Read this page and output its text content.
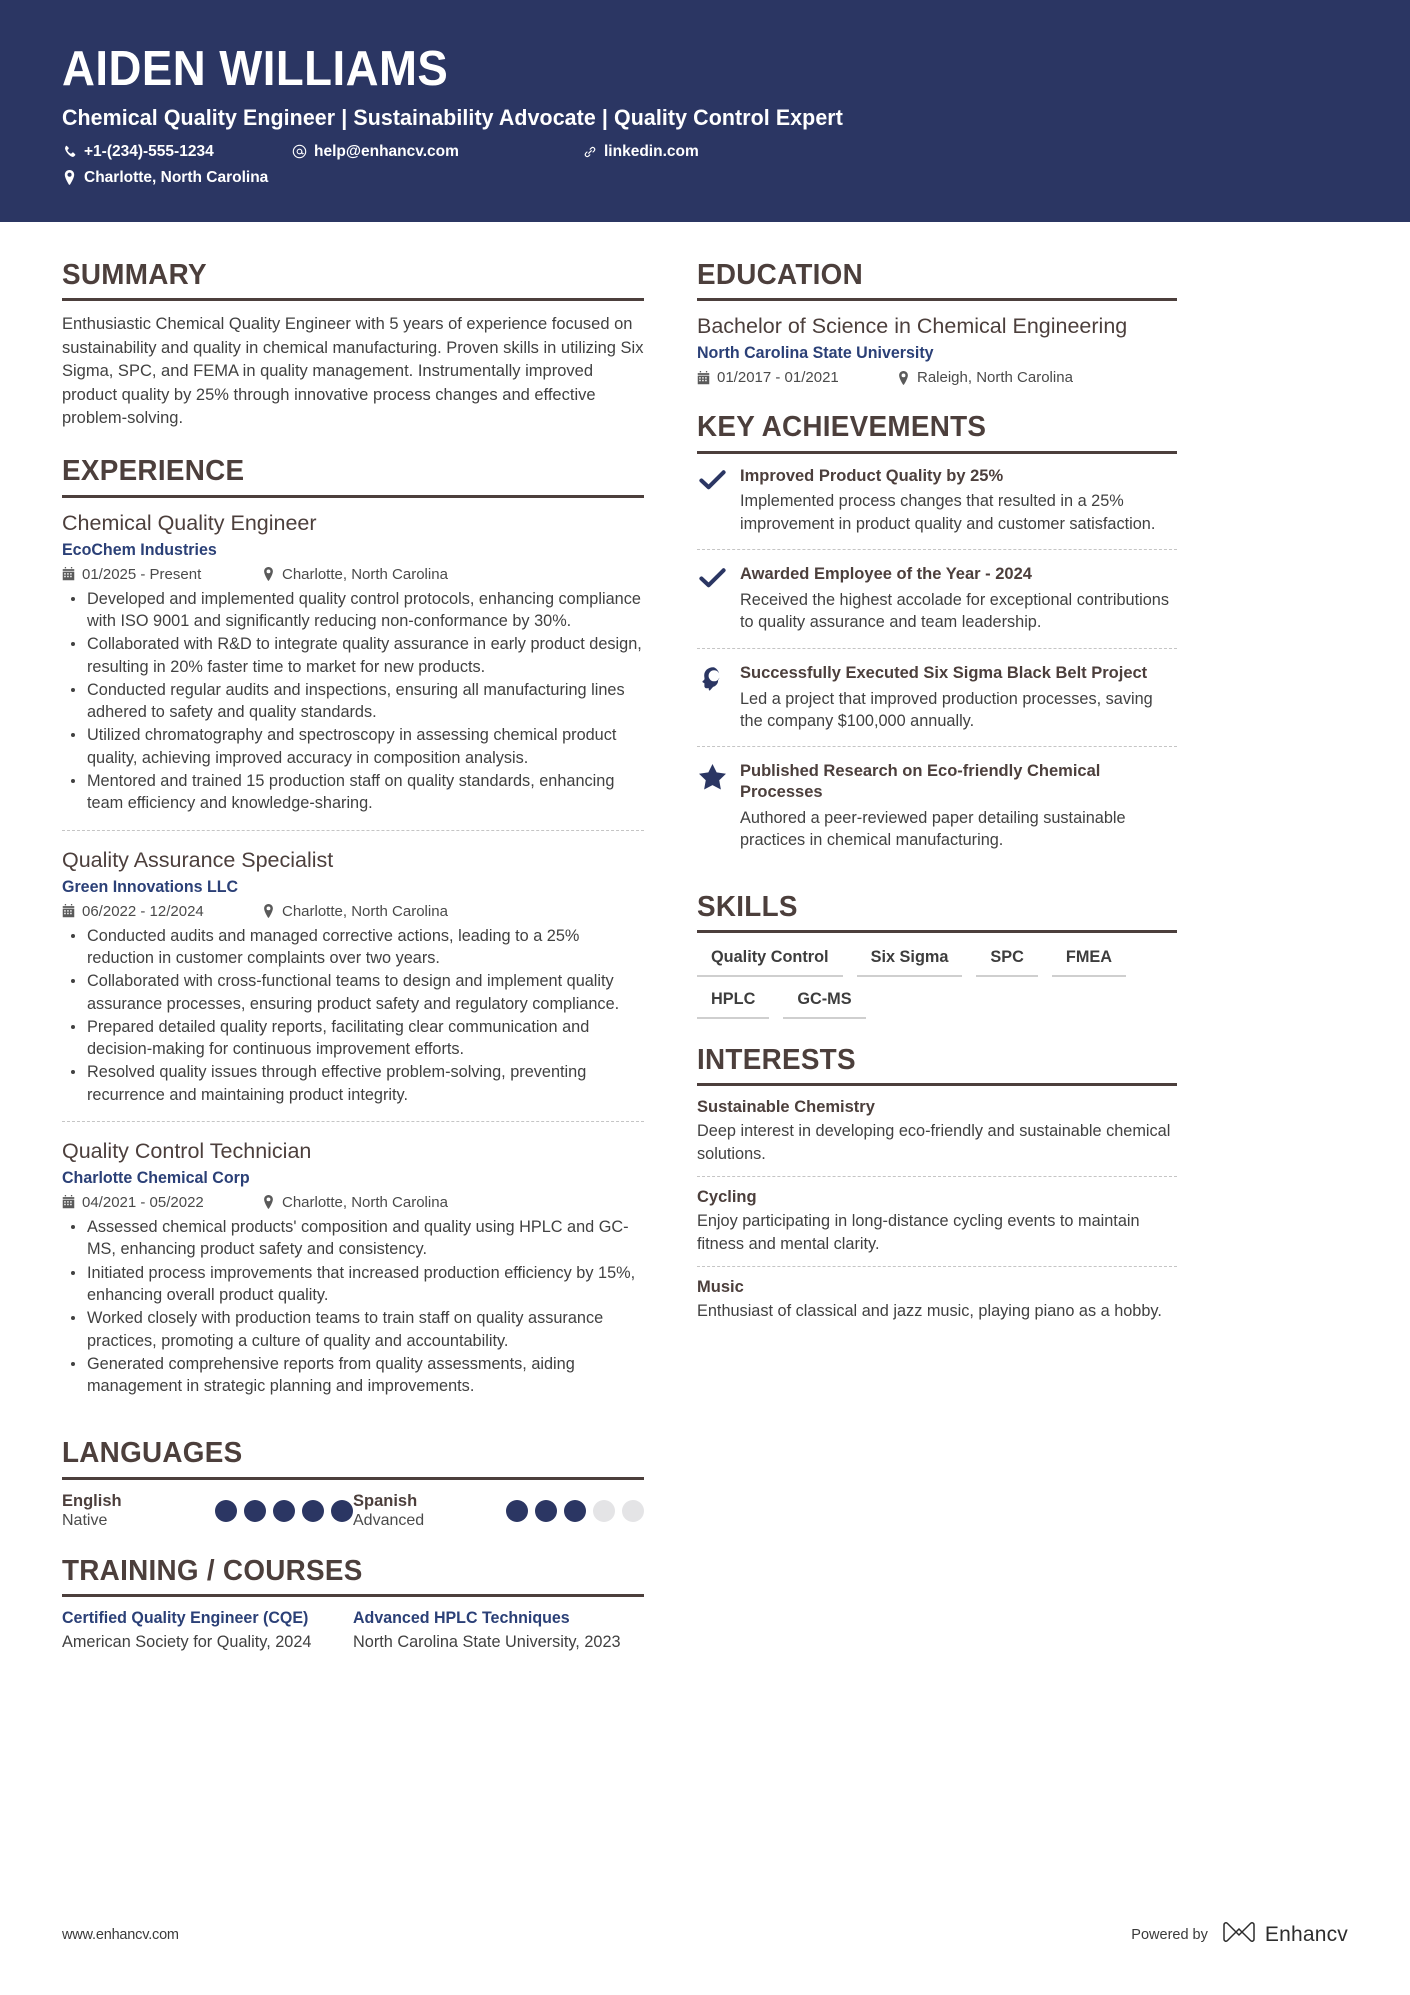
AIDEN WILLIAMS
Chemical Quality Engineer | Sustainability Advocate | Quality Control Expert
+1-(234)-555-1234	help@enhancv.com	linkedin.com
Charlotte, North Carolina
SUMMARY
Enthusiastic Chemical Quality Engineer with 5 years of experience focused on sustainability and quality in chemical manufacturing. Proven skills in utilizing Six Sigma, SPC, and FEMA in quality management. Instrumentally improved product quality by 25% through innovative process changes and effective problem-solving.
EXPERIENCE
Chemical Quality Engineer
EcoChem Industries
01/2025 - Present	Charlotte, North Carolina
Developed and implemented quality control protocols, enhancing compliance with ISO 9001 and significantly reducing non-conformance by 30%.
Collaborated with R&D to integrate quality assurance in early product design, resulting in 20% faster time to market for new products.
Conducted regular audits and inspections, ensuring all manufacturing lines adhered to safety and quality standards.
Utilized chromatography and spectroscopy in assessing chemical product quality, achieving improved accuracy in composition analysis.
Mentored and trained 15 production staff on quality standards, enhancing team efficiency and knowledge-sharing.
Quality Assurance Specialist
Green Innovations LLC
06/2022 - 12/2024	Charlotte, North Carolina
Conducted audits and managed corrective actions, leading to a 25% reduction in customer complaints over two years.
Collaborated with cross-functional teams to design and implement quality assurance processes, ensuring product safety and regulatory compliance.
Prepared detailed quality reports, facilitating clear communication and decision-making for continuous improvement efforts.
Resolved quality issues through effective problem-solving, preventing recurrence and maintaining product integrity.
Quality Control Technician
Charlotte Chemical Corp
04/2021 - 05/2022	Charlotte, North Carolina
Assessed chemical products' composition and quality using HPLC and GC-MS, enhancing product safety and consistency.
Initiated process improvements that increased production efficiency by 15%, enhancing overall product quality.
Worked closely with production teams to train staff on quality assurance practices, promoting a culture of quality and accountability.
Generated comprehensive reports from quality assessments, aiding management in strategic planning and improvements.
LANGUAGES
English
Native
Spanish
Advanced
TRAINING / COURSES
Certified Quality Engineer (CQE)
American Society for Quality, 2024
Advanced HPLC Techniques
North Carolina State University, 2023
EDUCATION
Bachelor of Science in Chemical Engineering
North Carolina State University
01/2017 - 01/2021	Raleigh, North Carolina
KEY ACHIEVEMENTS
Improved Product Quality by 25%
Implemented process changes that resulted in a 25% improvement in product quality and customer satisfaction.
Awarded Employee of the Year - 2024
Received the highest accolade for exceptional contributions to quality assurance and team leadership.
Successfully Executed Six Sigma Black Belt Project
Led a project that improved production processes, saving the company $100,000 annually.
Published Research on Eco-friendly Chemical Processes
Authored a peer-reviewed paper detailing sustainable practices in chemical manufacturing.
SKILLS
Quality Control	Six Sigma	SPC	FMEA
HPLC	GC-MS
INTERESTS
Sustainable Chemistry
Deep interest in developing eco-friendly and sustainable chemical solutions.
Cycling
Enjoy participating in long-distance cycling events to maintain fitness and mental clarity.
Music
Enthusiast of classical and jazz music, playing piano as a hobby.
www.enhancv.com	Powered by	Enhancv
